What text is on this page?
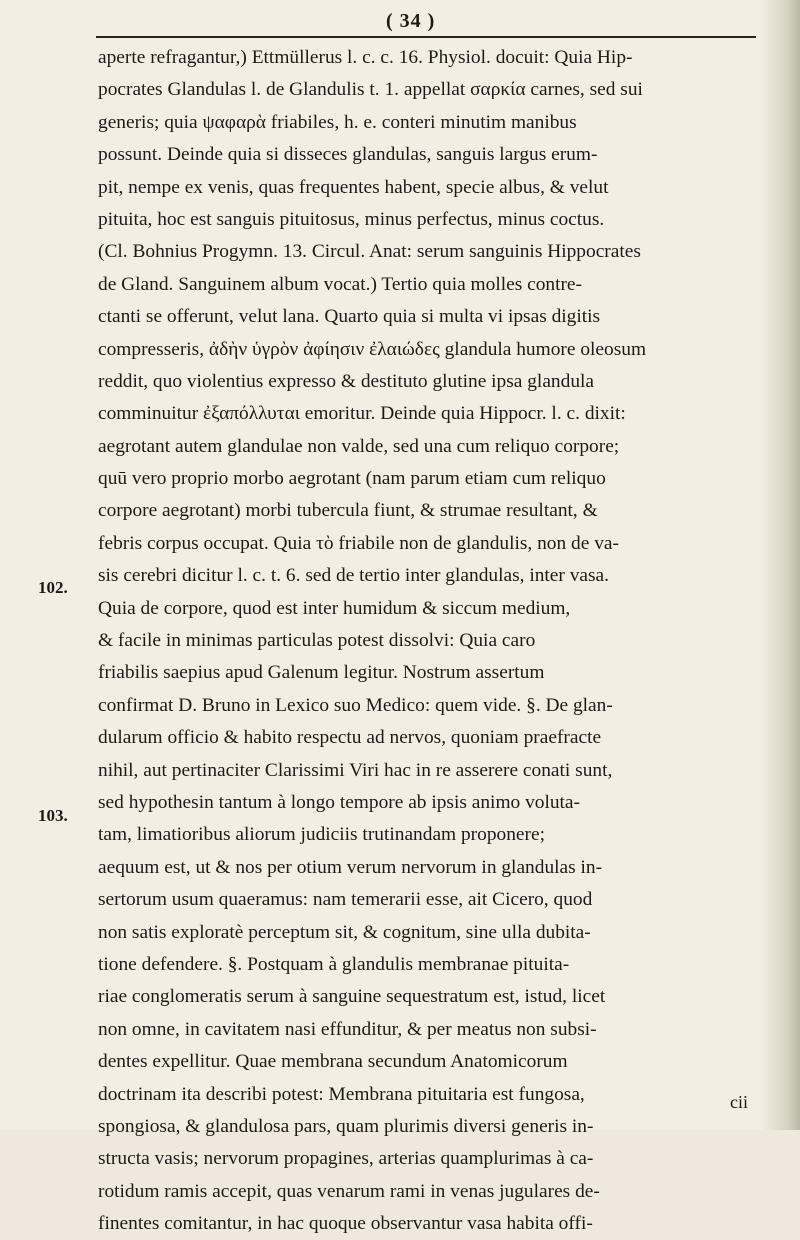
( 34 )
102.
103.
aperte refragantur,) Ettmüllerus l. c. c. 16. Physiol. docuit: Quia Hip-
pocrates Glandulas l. de Glandulis t. 1. appellat σαρκία carnes, sed sui
generis; quia ψαφαρὰ friabiles, h. e. conteri minutim manibus
possunt. Deinde quia si disseces glandulas, sanguis largus erum-
pit, nempe ex venis, quas frequentes habent, specie albus, & velut
pituita, hoc est sanguis pituitosus, minus perfectus, minus coctus.
(Cl. Bohnius Progymn. 13. Circul. Anat: serum sanguinis Hippocrates
de Gland. Sanguinem album vocat.) Tertio quia molles contre-
ctanti se offerunt, velut lana. Quarto quia si multa vi ipsas digitis
compresseris, ἀδὴν ὑγρὸν ἀφίησιν ἐλαιώδες glandula humore oleosum
reddit, quo violentius expresso & destituto glutine ipsa glandula
comminuitur ἐξαπόλλυται emoritur. Deinde quia Hippocr. l. c. dixit:
aegrotant autem glandulae non valde, sed una cum reliquo corpore;
quū vero proprio morbo aegrotant (nam parum etiam cum reliquo
corpore aegrotant) morbi tubercula fiunt, & strumae resultant, &
febris corpus occupat. Quia τὸ friabile non de glandulis, non de va-
sis cerebri dicitur l. c. t. 6. sed de tertio inter glandulas, inter vasa.
Quia de corpore, quod est inter humidum & siccum medium,
& facile in minimas particulas potest dissolvi: Quia caro
friabilis saepius apud Galenum legitur. Nostrum assertum
confirmat D. Bruno in Lexico suo Medico: quem vide. §. De glan-
dularum officio & habito respectu ad nervos, quoniam praefracte
nihil, aut pertinaciter Clarissimi Viri hac in re asserere conati sunt,
sed hypothesin tantum à longo tempore ab ipsis animo voluta-
tam, limatioribus aliorum judiciis trutinandam proponere;
aequum est, ut & nos per otium verum nervorum in glandulas in-
sertorum usum quaeramus: nam temerarii esse, ait Cicero, quod
non satis exploratè perceptum sit, & cognitum, sine ulla dubita-
tione defendere. §. Postquam à glandulis membranae pituita-
riae conglomeratis serum à sanguine sequestratum est, istud, licet
non omne, in cavitatem nasi effunditur, & per meatus non subsi-
dentes expellitur. Quae membrana secundum Anatomicorum
doctrinam ita describi potest: Membrana pituitaria est fungosa,
spongiosa, & glandulosa pars, quam plurimis diversi generis in-
structa vasis; nervorum propagines, arterias quamplurimas à ca-
rotidum ramis accepit, quas venarum rami in venas jugulares de-
finentes comitantur, in hac quoque observantur vasa habita offi-
cii
